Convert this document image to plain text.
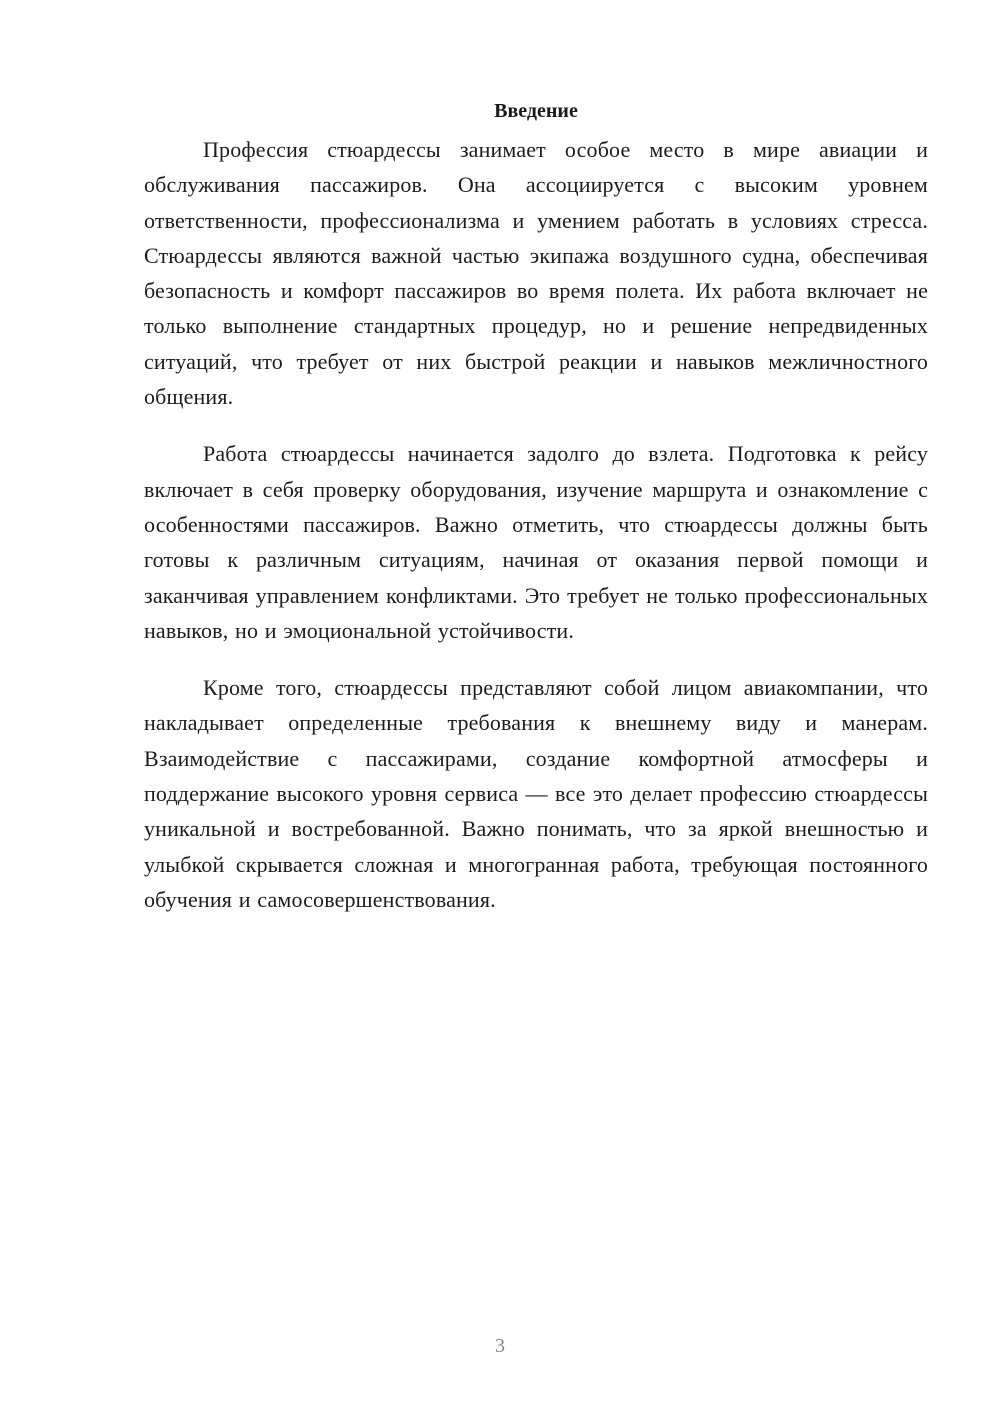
Введение

Профессия стюардессы занимает особое место в мире авиации и обслуживания пассажиров. Она ассоциируется с высоким уровнем ответственности, профессионализма и умением работать в условиях стресса. Стюардессы являются важной частью экипажа воздушного судна, обеспечивая безопасность и комфорт пассажиров во время полета. Их работа включает не только выполнение стандартных процедур, но и решение непредвиденных ситуаций, что требует от них быстрой реакции и навыков межличностного общения.

Работа стюардессы начинается задолго до взлета. Подготовка к рейсу включает в себя проверку оборудования, изучение маршрута и ознакомление с особенностями пассажиров. Важно отметить, что стюардессы должны быть готовы к различным ситуациям, начиная от оказания первой помощи и заканчивая управлением конфликтами. Это требует не только профессиональных навыков, но и эмоциональной устойчивости.

Кроме того, стюардессы представляют собой лицом авиакомпании, что накладывает определенные требования к внешнему виду и манерам. Взаимодействие с пассажирами, создание комфортной атмосферы и поддержание высокого уровня сервиса — все это делает профессию стюардессы уникальной и востребованной. Важно понимать, что за яркой внешностью и улыбкой скрывается сложная и многогранная работа, требующая постоянного обучения и самосовершенствования.

3
